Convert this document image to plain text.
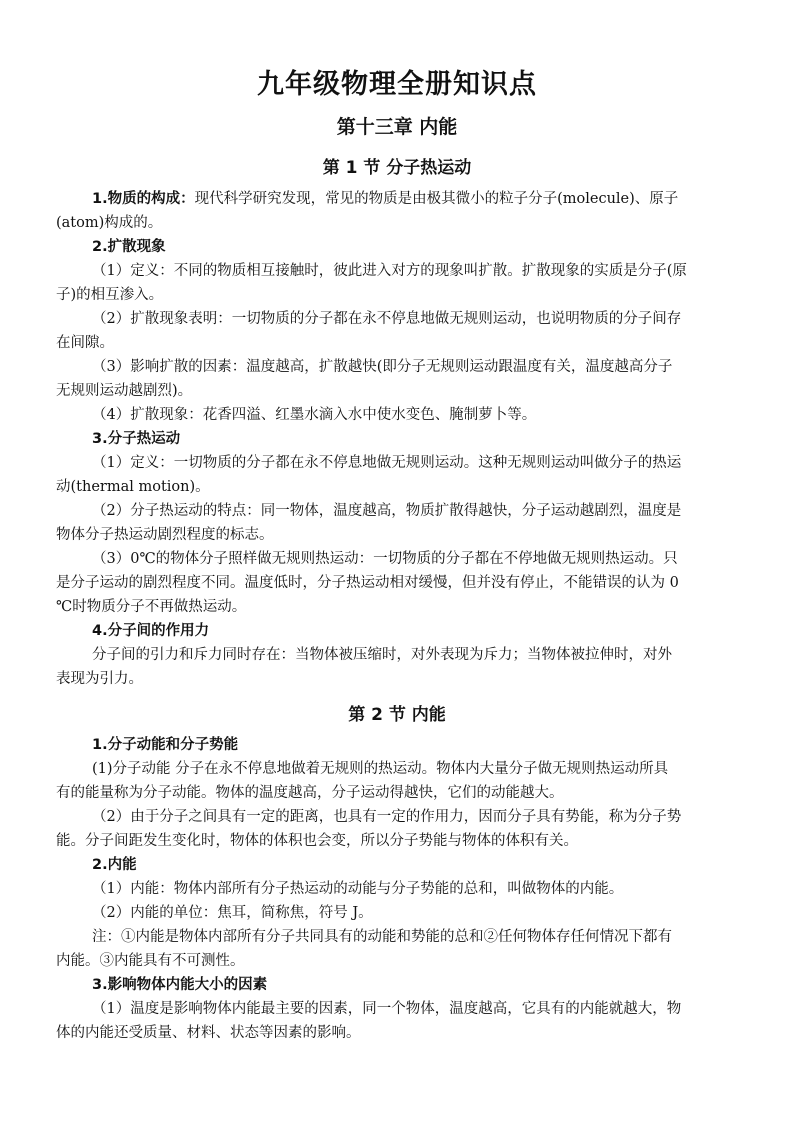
九年级物理全册知识点

第十三章 内能

第 1 节 分子热运动

1.物质的构成：现代科学研究发现，常见的物质是由极其微小的粒子分子(molecule)、原子

(atom)构成的。

2.扩散现象

（1）定义：不同的物质相互接触时，彼此进入对方的现象叫扩散。扩散现象的实质是分子(原

子)的相互渗入。

（2）扩散现象表明：一切物质的分子都在永不停息地做无规则运动，也说明物质的分子间存

在间隙。

（3）影响扩散的因素：温度越高，扩散越快(即分子无规则运动跟温度有关，温度越高分子

无规则运动越剧烈)。

（4）扩散现象：花香四溢、红墨水滴入水中使水变色、腌制萝卜等。

3.分子热运动

（1）定义：一切物质的分子都在永不停息地做无规则运动。这种无规则运动叫做分子的热运

动(thermal motion)。

（2）分子热运动的特点：同一物体，温度越高，物质扩散得越快，分子运动越剧烈，温度是

物体分子热运动剧烈程度的标志。

（3）0℃的物体分子照样做无规则热运动：一切物质的分子都在不停地做无规则热运动。只

是分子运动的剧烈程度不同。温度低时，分子热运动相对缓慢，但并没有停止，不能错误的认为 0

℃时物质分子不再做热运动。

4.分子间的作用力

分子间的引力和斥力同时存在：当物体被压缩时，对外表现为斥力；当物体被拉伸时，对外

表现为引力。

第 2 节 内能

1.分子动能和分子势能

(1)分子动能 分子在永不停息地做着无规则的热运动。物体内大量分子做无规则热运动所具

有的能量称为分子动能。物体的温度越高，分子运动得越快，它们的动能越大。

（2）由于分子之间具有一定的距离，也具有一定的作用力，因而分子具有势能，称为分子势

能。分子间距发生变化时，物体的体积也会变，所以分子势能与物体的体积有关。

2.内能

（1）内能：物体内部所有分子热运动的动能与分子势能的总和，叫做物体的内能。

（2）内能的单位：焦耳，简称焦，符号 J。

注：①内能是物体内部所有分子共同具有的动能和势能的总和②任何物体存任何情况下都有

内能。③内能具有不可测性。

3.影响物体内能大小的因素

（1）温度是影响物体内能最主要的因素，同一个物体，温度越高，它具有的内能就越大，物

体的内能还受质量、材料、状态等因素的影响。
